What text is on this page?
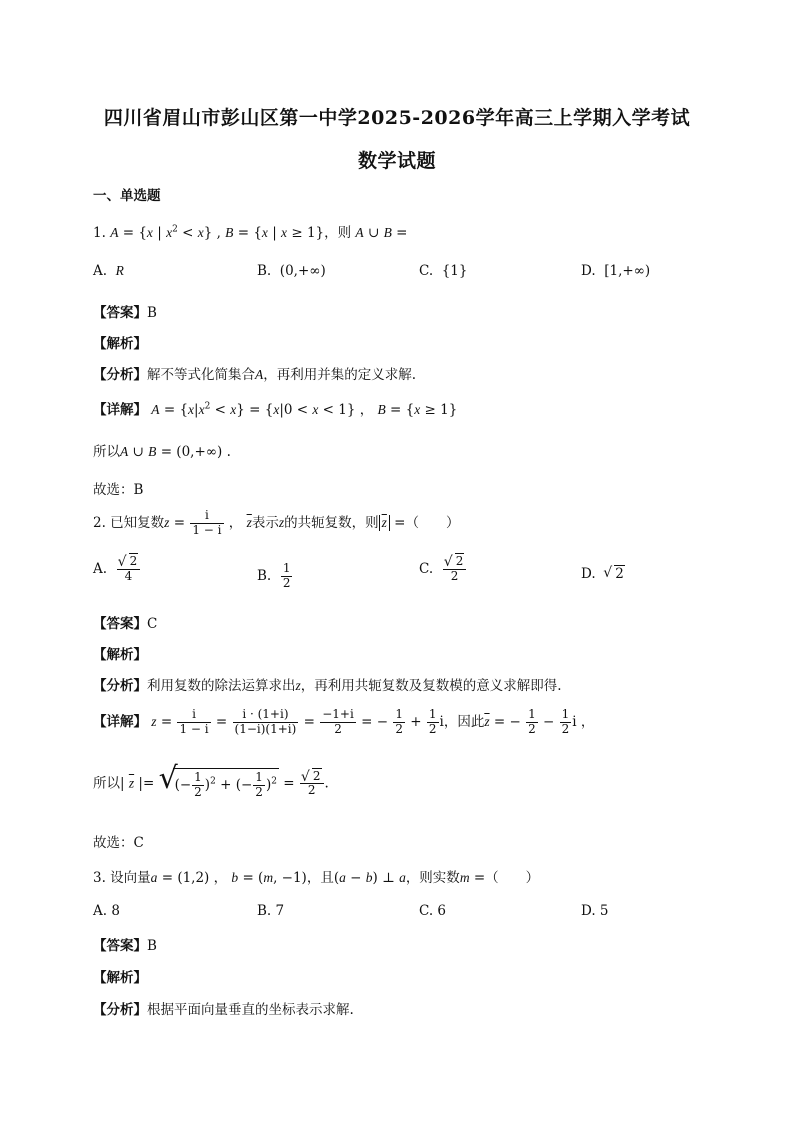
四川省眉山市彭山区第一中学2025-2026学年高三上学期入学考试
数学试题
一、单选题
1. A = {x | $x^2 < x$} , B = {x | x ≥ 1}，则 A ∪ B =
A. R	B.  (0,+∞)	C.  {1}	D.  [1,+∞)
【答案】B
【解析】
【分析】解不等式化简集合A，再利用并集的定义求解.
【详解】 $A = \{x|x^2 < x\} = \{x|0 < x < 1\}$ ， B = {x ≥ 1}
所以A ∪ B = (0,+∞) .
故选：B
2. 已知复数$z = \frac{i}{1 - i}$ ， $\overline{z}$表示z的共轭复数，则 $\overline{z}$ =（　　）
A. √ $\frac{2}{4}$	B. $\frac{1}{2}$	C. √ $\frac{2}{2}$	D. √ 2
【答案】C
【解析】
【分析】利用复数的除法运算求出z，再利用共轭复数及复数模的意义求解即得.
【详解】 $z = \frac{i}{1 - i} = \frac{i \cdot (1+i)}{(1-i)(1+i)} = \frac{-1+i}{2}$ = − $\frac{1}{2} + \frac{1}{2}$ i，因此$\overline{z}$ = − $\frac{1}{2} - \frac{1}{2}$ i ，
所以| $\overline{z}$ |= √ (− $\frac{1}{2} )^2$ + (− $\frac{1}{2} )^2$ = √ $\frac{2}{2}$ .
故选：C
3. 设向量a = (1,2) ， b = (m, −1)，且(a − b) ⊥ a，则实数m =（　　）
A. 8	B. 7	C. 6	D. 5
【答案】B
【解析】
【分析】根据平面向量垂直的坐标表示求解.
